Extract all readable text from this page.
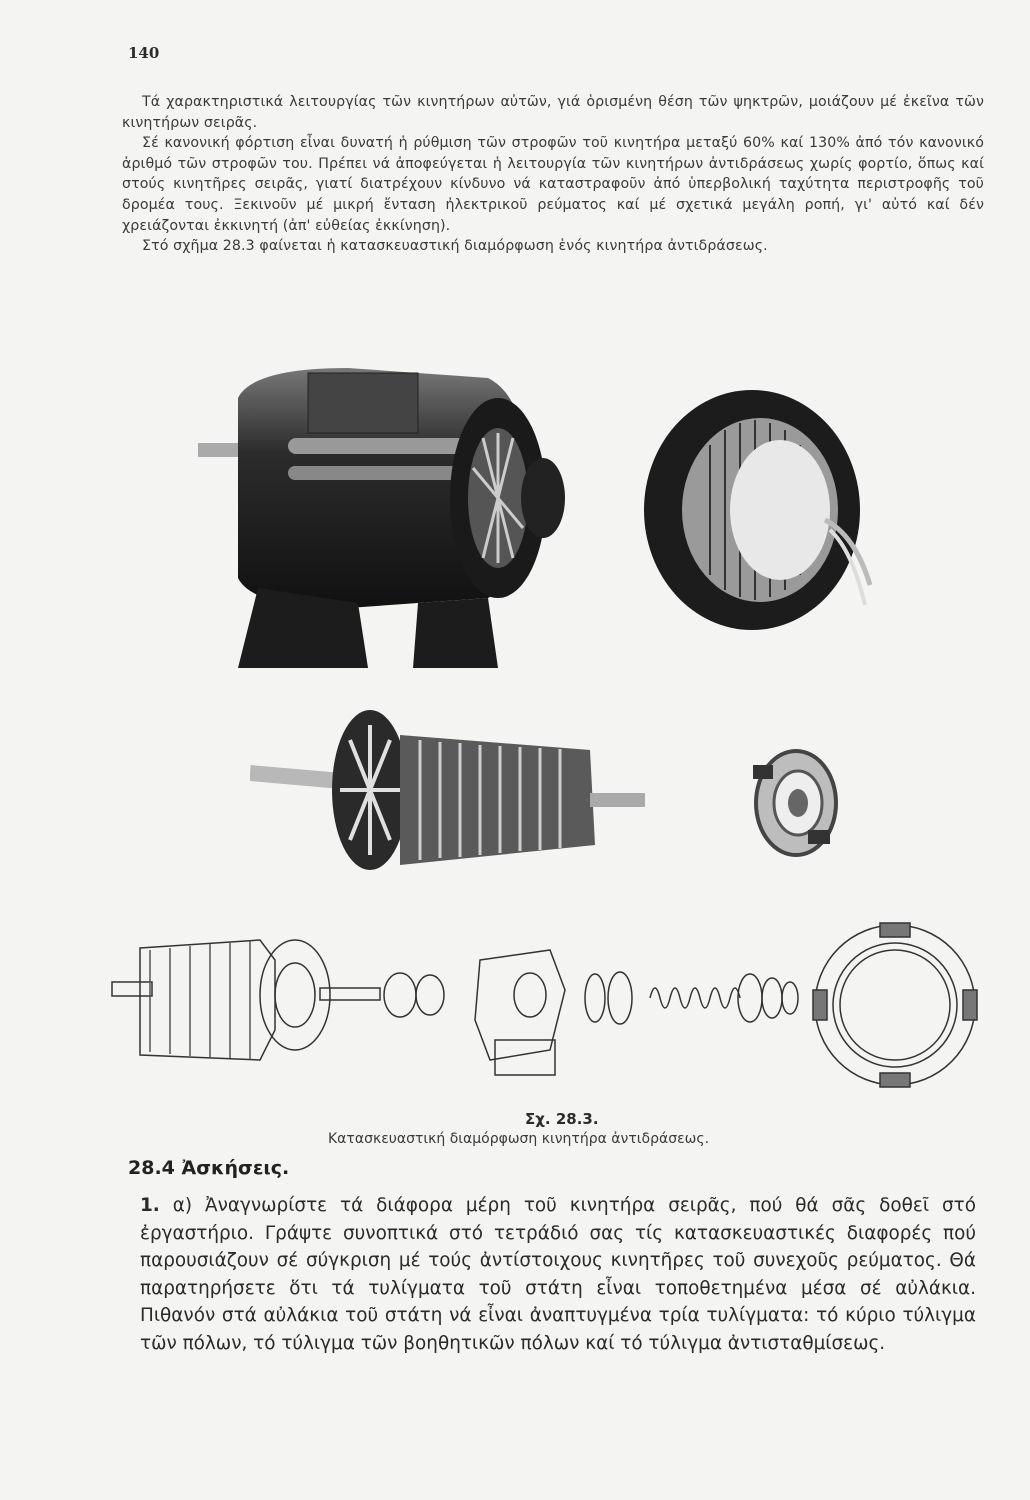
140

Τά χαρακτηριστικά λειτουργίας τῶν κινητήρων αὐτῶν, γιά ὁρισμένη θέση τῶν ψηκτρῶν, μοιάζουν μέ ἐκεῖνα τῶν κινητήρων σειρᾶς.

Σέ κανονική φόρτιση εἶναι δυνατή ἡ ρύθμιση τῶν στροφῶν τοῦ κινητήρα μεταξύ 60% καί 130% ἀπό τόν κανονικό ἀριθμό τῶν στροφῶν του. Πρέπει νά ἀποφεύγεται ἡ λειτουργία τῶν κινητήρων ἀντιδράσεως χωρίς φορτίο, ὅπως καί στούς κινητῆρες σειρᾶς, γιατί διατρέχουν κίνδυνο νά καταστραφοῦν ἀπό ὑπερβολική ταχύτητα περιστροφῆς τοῦ δρομέα τους. Ξεκινοῦν μέ μικρή ἔνταση ἠλεκτρικοῦ ρεύματος καί μέ σχετικά μεγάλη ροπή, γι' αὐτό καί δέν χρειάζονται ἐκκινητή (ἀπ' εὐθείας ἐκκίνηση).

Στό σχῆμα 28.3 φαίνεται ἡ κατασκευαστική διαμόρφωση ἑνός κινητήρα ἀντιδράσεως.

Σχ. 28.3.
Κατασκευαστική διαμόρφωση κινητήρα ἀντιδράσεως.
28.4 Ἀσκήσεις.
1. α) Ἀναγνωρίστε τά διάφορα μέρη τοῦ κινητήρα σειρᾶς, πού θά σᾶς δοθεῖ στό ἐργαστήριο. Γράψτε συνοπτικά στό τετράδιό σας τίς κατασκευαστικές διαφορές πού παρουσιάζουν σέ σύγκριση μέ τούς ἀντίστοιχους κινητῆρες τοῦ συνεχοῦς ρεύματος. Θά παρατηρήσετε ὅτι τά τυλίγματα τοῦ στάτη εἶναι τοποθετημένα μέσα σέ αὐλάκια. Πιθανόν στά αὐλάκια τοῦ στάτη νά εἶναι ἀναπτυγμένα τρία τυλίγματα: τό κύριο τύλιγμα τῶν πόλων, τό τύλιγμα τῶν βοηθητικῶν πόλων καί τό τύλιγμα ἀντισταθμίσεως.
